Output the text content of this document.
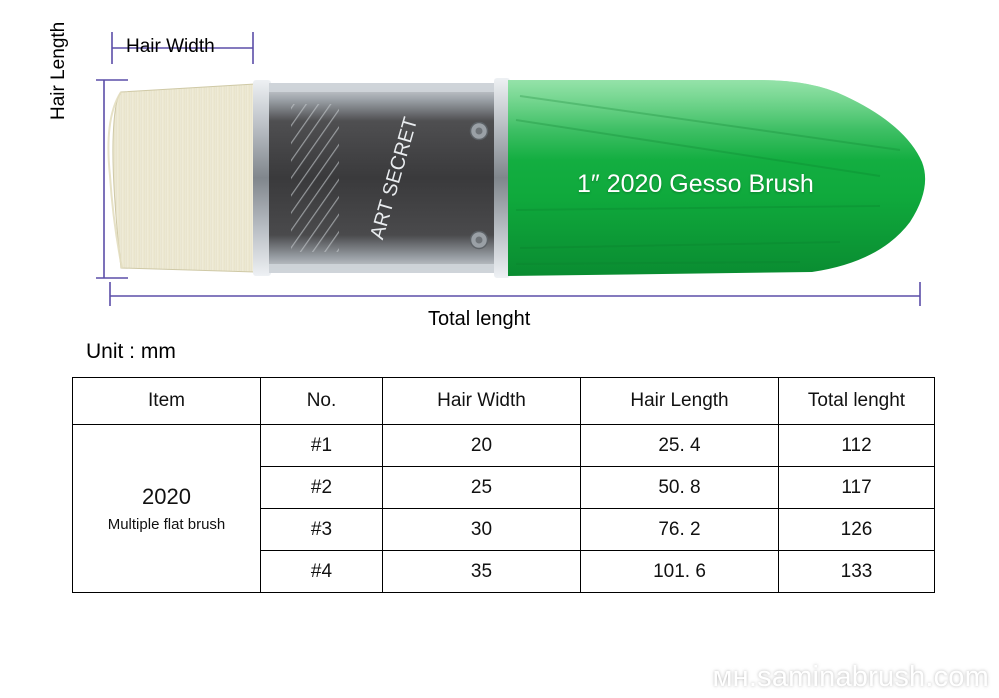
ART SECRET
Hair Width
Hair Length
Total lenght
1″ 2020 Gesso Brush
Unit : mm
Item	No.	Hair Width	Hair Length	Total lenght

2020
Multiple flat brush	#1	20	25. 4	112
	#2	25	50. 8	117
	#3	30	76. 2	126
	#4	35	101. 6	133
мн.saminabrush.com
